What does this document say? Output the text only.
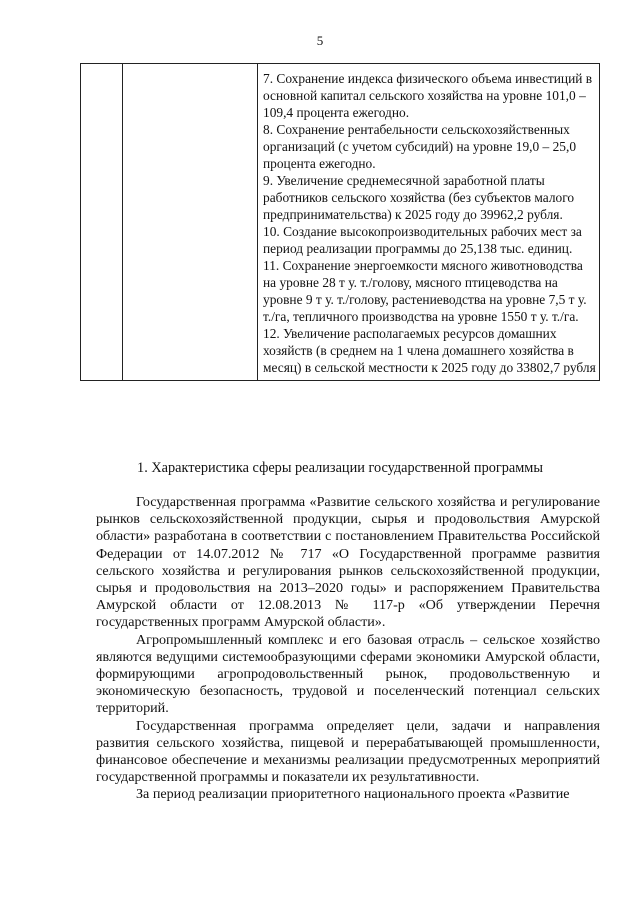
5

7. Сохранение индекса физического объема инвестиций в основной капитал сельского хозяйства на уровне 101,0 – 109,4 процента ежегодно.
8. Сохранение рентабельности сельскохозяйственных организаций (с учетом субсидий) на уровне 19,0 – 25,0 процента ежегодно.
9. Увеличение среднемесячной заработной платы работников сельского хозяйства (без субъектов малого предпринимательства) к 2025 году до 39962,2 рубля.
10. Создание высокопроизводительных рабочих мест за период реализации программы до 25,138 тыс. единиц.
11. Сохранение энергоемкости мясного животноводства на уровне 28 т у. т./голову, мясного птицеводства на уровне 9 т у. т./голову, растениеводства на уровне 7,5 т у. т./га, тепличного производства на уровне 1550 т у. т./га.
12. Увеличение располагаемых ресурсов домашних хозяйств (в среднем на 1 члена домашнего хозяйства в месяц) в сельской местности к 2025 году до 33802,7 рубля
1. Характеристика сферы реализации государственной программы

Государственная программа «Развитие сельского хозяйства и регулирование рынков сельскохозяйственной продукции, сырья и продовольствия Амурской области» разработана в соответствии с постановлением Правительства Российской Федерации от 14.07.2012 № 717 «О Государственной программе развития сельского хозяйства и регулирования рынков сельскохозяйственной продукции, сырья и продовольствия на 2013–2020 годы» и распоряжением Правительства Амурской области от 12.08.2013 № 117-р «Об утверждении Перечня государственных программ Амурской области».

Агропромышленный комплекс и его базовая отрасль – сельское хозяйство являются ведущими системообразующими сферами экономики Амурской области, формирующими агропродовольственный рынок, продовольственную и экономическую безопасность, трудовой и поселенческий потенциал сельских территорий.

Государственная программа определяет цели, задачи и направления развития сельского хозяйства, пищевой и перерабатывающей промышленности, финансовое обеспечение и механизмы реализации предусмотренных мероприятий государственной программы и показатели их результативности.

За период реализации приоритетного национального проекта «Развитие
